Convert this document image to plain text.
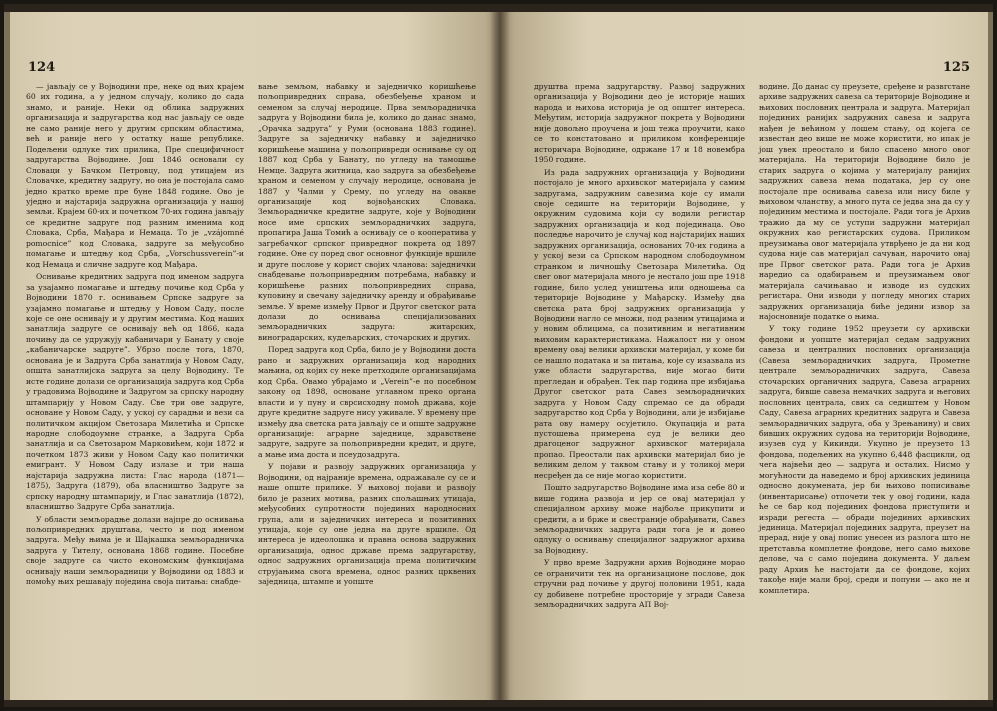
124

— јављају се у Војводини пре, неке од њих краjем 60 их година, а у једном случају, колико до сада знамо, и раније. Неки од облика задружних организација и задругарства код нас јављају се овде не само раније него у другим српским областима, већ и раније него у остатку наше републике. Подељени одлуке тих прилика, Пре специфичност задругарства Војводине. Још 1846 основали су Словаци у Бачком Петровцу, под утицајем из Словачке, кредитну задругу, но она је постојала само једно кратко време пре буне 1848 године. Ово је уједно и најстарија задружна организација у нашој земљи. Крајем 60-их и почетком 70-их година јављају се кредитне задруге под разним именима код Словака, Срба, Мађара и Немаца. То је „vzájomné pomocnice” код Словака, задруге за међусобно помагање и штедњу код Срба, „Vorschussverein”-и код Немаца и сличне задруге код Мађара.

Оснивање кредитних задруга под именом задруга за узајамно помагање и штедњу почиње код Срба у Војводини 1870 г. оснивањем Српске задруге за узајамно помагање и штедњу у Новом Саду, после које се оне оснивају и у другим местима. Код наших занатлија задруге се оснивају већ од 1866, када почињу да се удружују кабаничари у Банату у своје „кабаничарске задруге”. Убрзо после тога, 1870, основана је и Задруга Срба занатлија у Новом Саду, општа занатлијска задруга за целу Војводину. Те исте године долази се организација задруга код Срба у градовима Војводине и Задругом за српску народну штампарију у Новом Саду. Све три ове задруге, основане у Новом Саду, у уској су сарадњи и вези са политичком акцијом Светозара Милетића и Српске народне слободоумне странке, а Задруга Срба занатлија и са Светозаром Марковићем, који 1872 и почетком 1873 живи у Новом Саду као политички емигрант. У Новом Саду излазе и три наша најстарија задружна листа: Глас народа (1871—1875), Задруга (1879), оба власништво Задруге за српску народну штампарију, и Глас занатлија (1872), власништво Задруге Срба занатлија.

У области земљорадње долази најпре до оснивања пољопривредних друштава, често и под именом задруга. Међу њима је и Шајкашка земљорадничка задруга у Тителу, основана 1868 године. Посебне своје задруге са чисто економским функцијама оснивају наши земљорадници у Војводини од 1883 и помоћу њих решавају поједина своја питања: снабде-

вање земљом, набавку и заједничко коришћење пољопривредних справа, обезбеђење храном и семеном за случај неродице. Прва земљорадничка задруга у Војводини била је, колико до данас знамо, „Орачка задруга” у Руми (основана 1883 године). Задруге за заједничку набавку и заједничко коришћење машина у пољопривреди оснивање су од 1887 код Срба у Банату, по угледу на тамошње Немце. Задруга житница, као задруга за обезбеђење храном и семеном у случају неродице, основана је 1887 у Чалми у Срему, по угледу на овакве организације код војвођанских Словака. Земљорадничке кредитне задруге, које у Војводини носе име српских земљорадничких задруга, пропагира Јаша Томић а оснивају се о кооператива у загребачког српског привредног покрета од 1897 године. Оне су поред свог основног функције вршиле и друге послове у корист својих чланова: заједнички снабдевање пољопривредним потребама, набавку и коришћење разних пољопривредних справа, куповину и свечану заједничку аренду и обрађивање земље. У време између Првог и Другог светског рата долази до оснивања специјализованих земљорадничких задруга: житарских, виноградарских, кудељарских, сточарских и других.

Поред задруга код Срба, било је у Војводини доста рано и задружних организација код народних мањина, од којих су неке претходиле организацијама код Срба. Овамо убрајамо и „Verein”-е по посебном закону од 1898, основане углавном преко органа власти и у пуну и сврсисходну помоћ држава, које друге кредитне задруге нису уживале. У времену пре између два светска рата јављају се и опште задружне организације: аграрне заједнице, здравствене задруге, задруге за пољопривредни кредит, и друге, а мање има доста и псеудозадруга.

У појави и развоју задружних организација у Војводини, од најраније времена, одражавале су се и наше опште прилике. У њиховој појави и развоју било је разних мотива, разних спољашњих утицаја, међусобних супротности појединих народносних група, али и заједничких интереса и позитивних утицаја, које су оне једна на друге вршиле. Од интереса је идеолошка и правна основа задружних организација, однос државе према задругарству, однос задружних организација према политичким струјањима свога времена, однос разних црквених заједница, штампе и уопште

125

друштва према задругарству. Развој задружних организација у Војводини део је историје наших народа и њихова историја је од општег интереса. Међутим, историја задружног покрета у Војводини није довољно проучена и још тежа проучити, како се то констатовано и приликом конференције историчара Војводине, одржане 17 и 18 новембра 1950 године.

Из рада задружних организација у Војводини постојало је много архивског материјала у самим задругама, задружним савезима које су имали своје седиште на територији Војводине, у окружним судовима који су водили регистар задружних организација и код појединаца. Ово последње нарочито је случај код најстаријих наших задружних организација, основаних 70-их година а у уској вези са Српском народном слободоумном странком и личношћу Светозара Милетића. Од свег овог материјала много је нестало још пре 1918 године, било услед уништења или одношења са територије Војводине у Мађарску. Између два светска рата број задружних организација у Војводини нагло се множи, под разним утицајима и у новим облицима, са позитивним и негативним њиховим карактеристикама. Нажалост ни у оном времену овај велики архивски материјал, у коме би се нашло података и за питања, које су изазвала из уже области задругарства, није могао бити прегледан и обрађен. Тек пар година пре избијања Другог светског рата Савез земљорадничких задруга у Новом Саду спремао се да обради задругарство код Срба у Војводини, али је избијање рата ову намеру осујетило. Окупација и рата пустошења примерена суд је велики део драгоценог задружног архивског материјала пропао. Преостали пак архивски материјал био је великим делом у таквом стању и у толикој мери несређен да се није могао користити.

Пошто задругарство Војводине има иза себе 80 и више година развоја и јер се овај материјал у специјалном архиву може најбоље прикупити и средити, а и брже и свестраније обрађивати, Савез земљорадничких задруга ради тога је и донео одлуку о оснивању специјалног задружног архива за Војводину.

У прво време Задружни архив Војводине морао се ограничити тек на организационе послове, док стручни рад почиње у другој половини 1951, када су добивене потребне просторије у згради Савеза земљорадничких задруга АП Вој-

водине. До данас су преузете, сређене и развrстане архиве задружних савеза са територије Војводине и њихових пословних централа и задруга. Материјал појединих ранијих задружних савеза и задруга нађен је већином у лошем стању, од којега се известан део више не може користити, но ипак је још увек преостало и било спасено много овог материјала. На територији Војводине било је старих задруга о којима у материјалу ранијих задружних савеза нема података, јер су оне постојале пре оснивања савеза или нису биле у њиховом чланству, а много пута се једва зна да су у појединим местима и постојале. Ради тога је Архив тражио да му се уступи задружни материјал окружних као регистарских судова. Приликом преузимања овог материјала утврђено је да ни код судова није сав материјал сачуван, нарочито онај пре Првог светског рата. Ради тога је Архив наредио са одабирањем и преузимањем овог материјала сачињавао и изводе из судских регистара. Они изводи у погледу многих старих задружних организација биће једини извор за најосновније податке о њима.

У току године 1952 преузети су архивски фондови и уопште материјал седам задружних савеза и централних пословних организација (Савеза земљорадничких задруга, Прометне централе земљорадничких задруга, Савеза сточарских органичних задруга, Савеза аграрних задруга, бивше савеза немачких задруга и његових пословних централа, свих са седиштем у Новом Саду, Савеза аграрних кредитних задруга и Савеза земљорадничких задруга, оба у Зрењанину) и свих бивших окружних судова на територији Војводине, изузев суд у Кикинди. Укупно је преузето 13 фондова, подељених на укупно 6,448 фасцикли, од чега највећи део — задруга и осталих. Нисмо у могућности да наведемо и број архивских јединица односно докумената, јер би њихово пописивање (инвентарисање) отпочети тек у овој години, када ће се бар код појединих фондова приступити и изради регеста — обради појединих архивских јединица. Материјал појединих задруга, преузет на прерад, није у овај попис унесен из разлога што не претставља комплетне фондове, него само њихове делове, ча с само поједина документа. У даљем раду Архив ће настојати да се фондове, којих такође није мали број, среди и попуни — ако не и комплетира.
